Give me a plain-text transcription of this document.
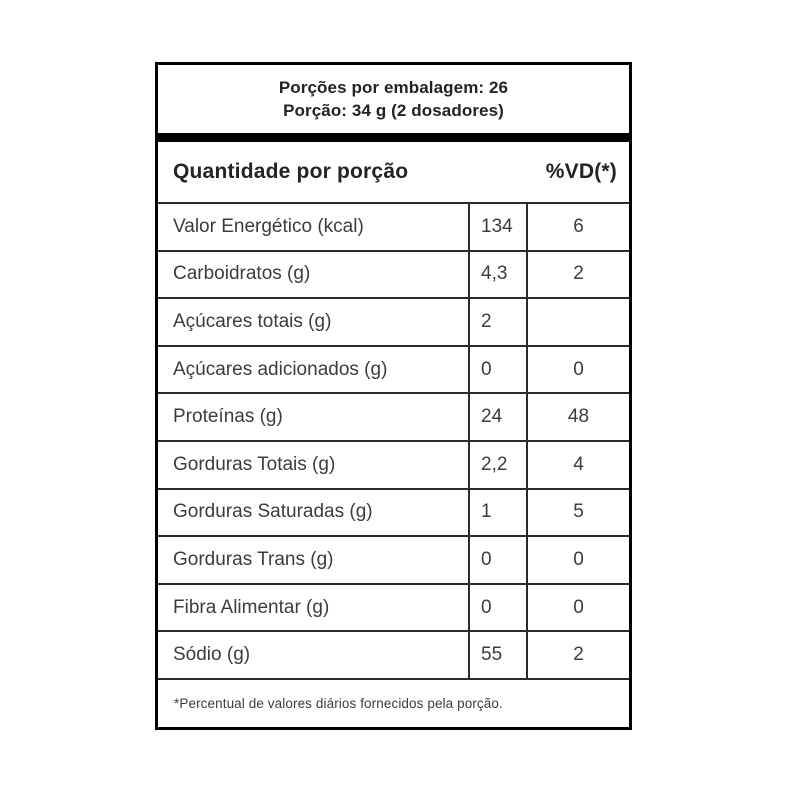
Porções por embalagem: 26
Porção: 34 g (2 dosadores)
Quantidade por porção	%VD(*)
Valor Energético (kcal)	134	6
Carboidratos (g)	4,3	2
Açúcares totais (g)	2
Açúcares adicionados (g)	0	0
Proteínas (g)	24	48
Gorduras Totais (g)	2,2	4
Gorduras Saturadas (g)	1	5
Gorduras Trans (g)	0	0
Fibra Alimentar (g)	0	0
Sódio (g)	55	2
*Percentual de valores diários fornecidos pela porção.
